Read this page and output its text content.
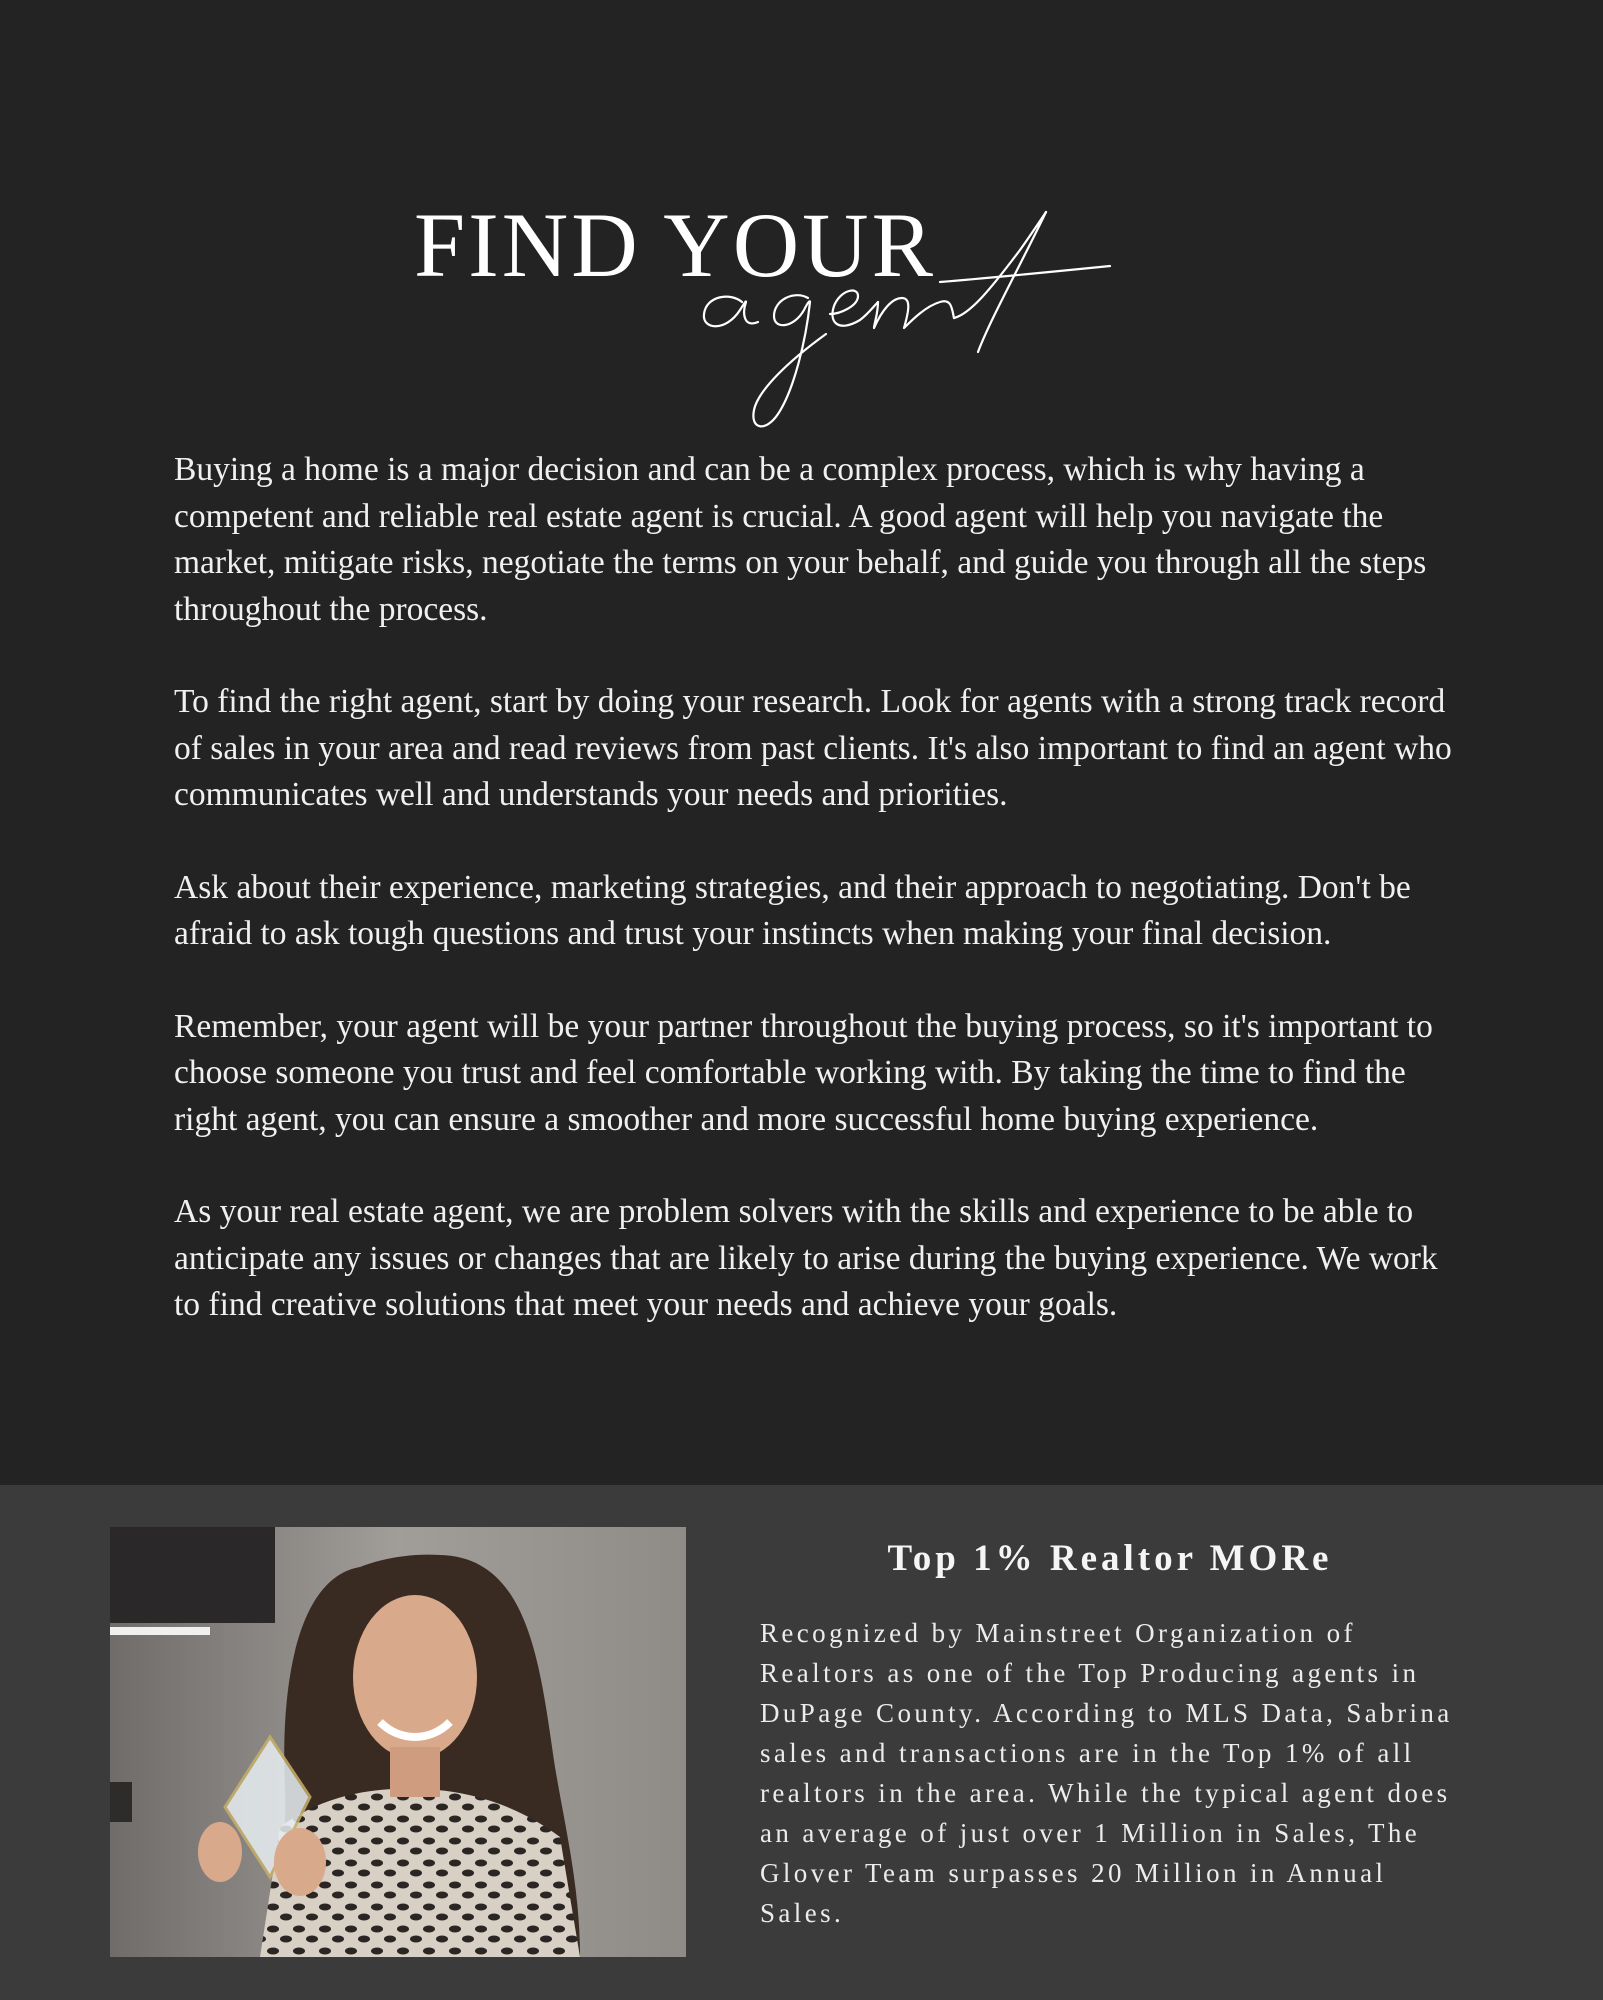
FIND YOUR

Buying a home is a major decision and can be a complex process, which is why having a competent and reliable real estate agent is crucial. A good agent will help you navigate the market, mitigate risks, negotiate the terms on your behalf, and guide you through all the steps throughout the process.

To find the right agent, start by doing your research. Look for agents with a strong track record of sales in your area and read reviews from past clients. It's also important to find an agent who communicates well and understands your needs and priorities.

Ask about their experience, marketing strategies, and their approach to negotiating. Don't be afraid to ask tough questions and trust your instincts when making your final decision.

Remember, your agent will be your partner throughout the buying process, so it's important to choose someone you trust and feel comfortable working with. By taking the time to find the right agent, you can ensure a smoother and more successful home buying experience.

As your real estate agent, we are problem solvers with the skills and experience to be able to anticipate any issues or changes that are likely to arise during the buying experience. We work to find creative solutions that meet your needs and achieve your goals.

Top 1% Realtor MORe

Recognized by Mainstreet Organization of Realtors as one of the Top Producing agents in DuPage County. According to MLS Data, Sabrina sales and transactions are in the Top 1% of all realtors in the area. While the typical agent does an average of just over 1 Million in Sales, The Glover Team surpasses 20 Million in Annual Sales.
